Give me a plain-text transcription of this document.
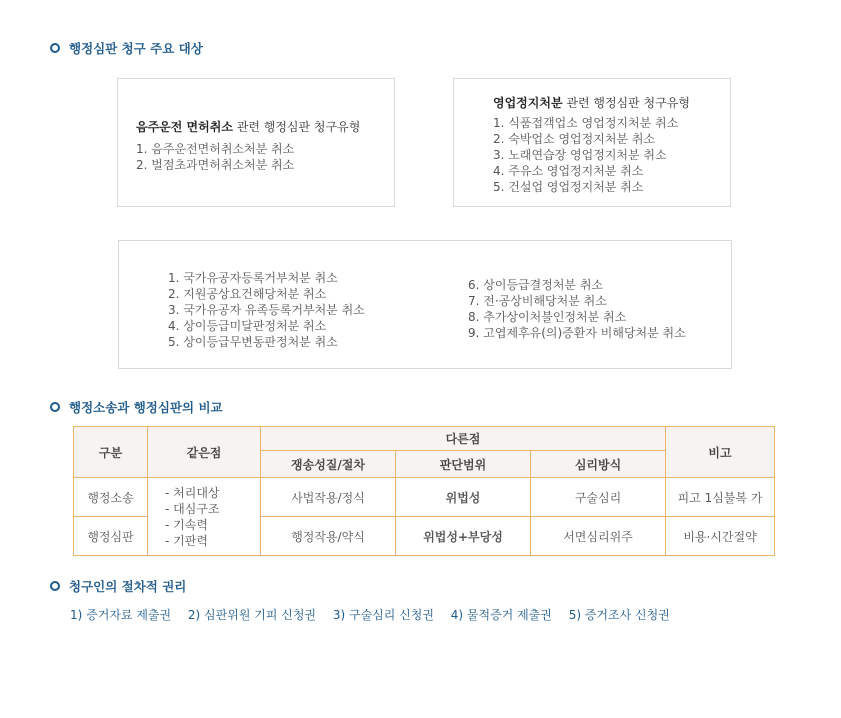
행정심판 청구 주요 대상
음주운전 면허취소 관련 행정심판 청구유형
1. 음주운전면허취소처분 취소
2. 벌점초과면허취소처분 취소
영업정지처분 관련 행정심판 청구유형
1. 식품접객업소 영업정지처분 취소
2. 숙박업소 영업정지처분 취소
3. 노래연습장 영업정지처분 취소
4. 주유소 영업정지처분 취소
5. 건설업 영업정지처분 취소
1. 국가유공자등록거부처분 취소
2. 지원공상요건해당처분 취소
3. 국가유공자 유족등록거부처분 취소
4. 상이등급미달판정처분 취소
5. 상이등급무변동판정처분 취소
6. 상이등급결정처분 취소
7. 전·공상비해당처분 취소
8. 추가상이처불인정처분 취소
9. 고엽제후유(의)증환자 비해당처분 취소
행정소송과 행정심판의 비교
구분	같은점	다른점			비고
		쟁송성질/절차	판단범위	심리방식	
행정소송	- 처리대상
- 대심구조
- 기속력
- 기판력	사법작용/정식	위법성	구술심리	피고 1심불복 가
행정심판		행정작용/약식	위법성+부당성	서면심리위주	비용·시간절약
청구인의 절차적 권리
1) 증거자료 제출권 2) 심판위원 기피 신청권 3) 구술심리 신청권 4) 물적증거 제출권 5) 증거조사 신청권
